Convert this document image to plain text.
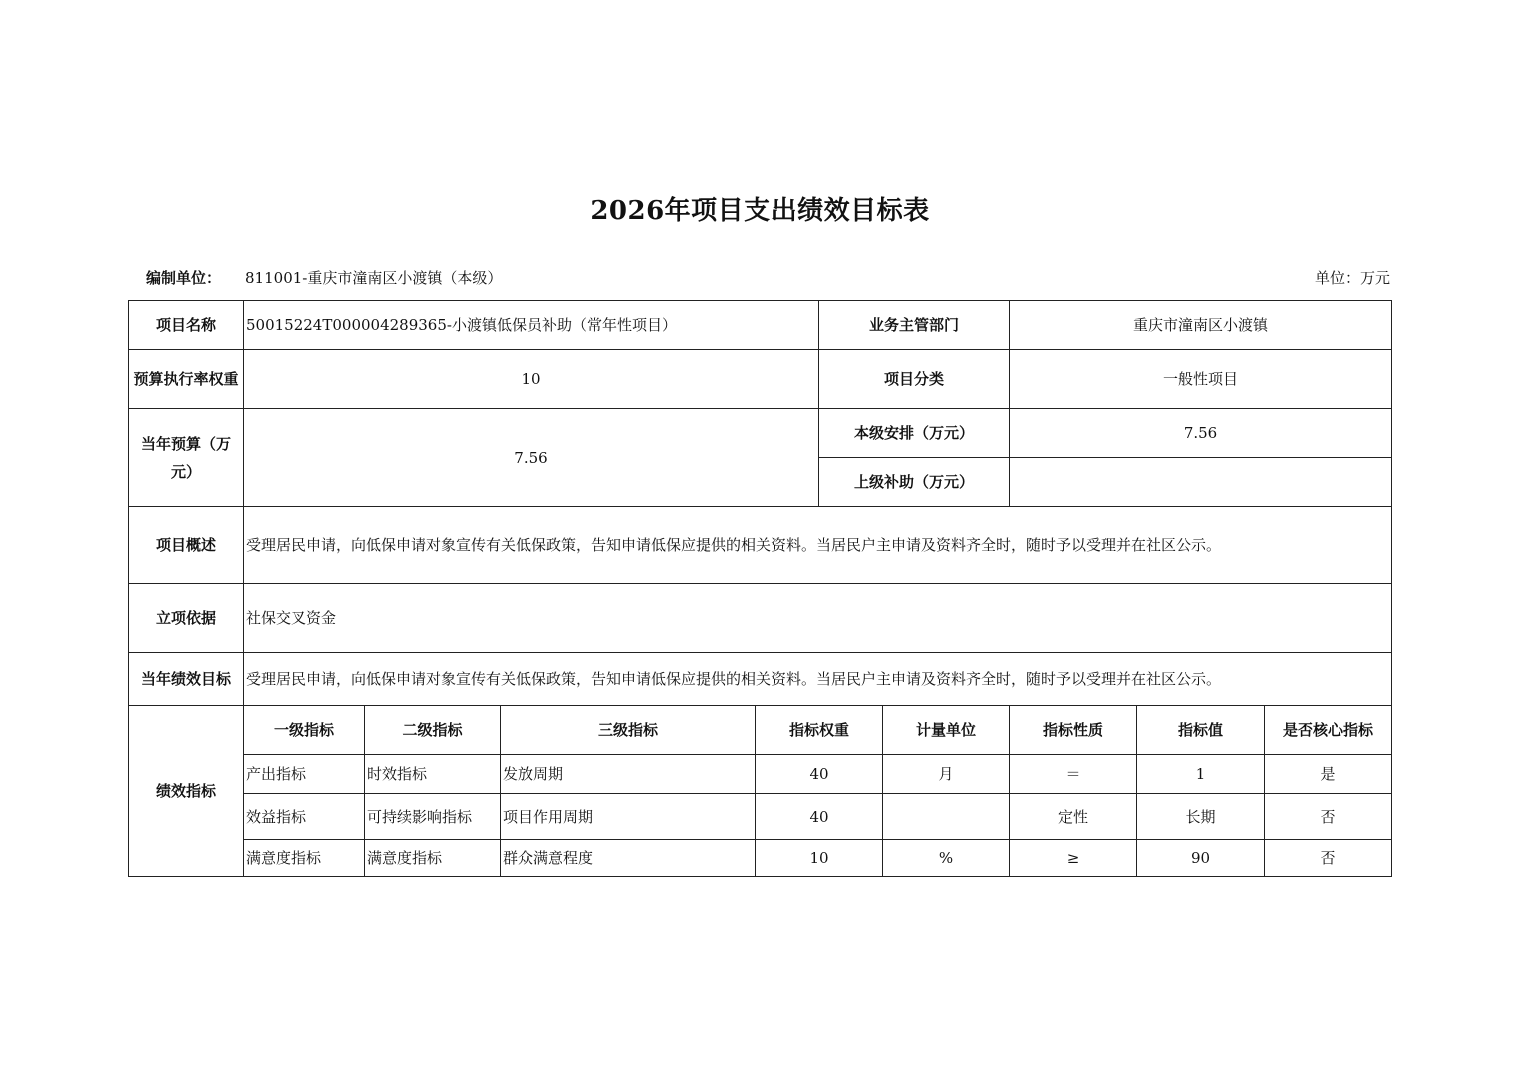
2026年项目支出绩效目标表
编制单位： 811001-重庆市潼南区小渡镇（本级）	单位：万元
项目名称	50015224T000004289365-小渡镇低保员补助（常年性项目）				业务主管部门		重庆市潼南区小渡镇		
预算执行率权重	10				项目分类		一般性项目		
当年预算（万元）	7.56				本级安排（万元）		7.56		
					上级补助（万元）				
项目概述	受理居民申请，向低保申请对象宣传有关低保政策，告知申请低保应提供的相关资料。当居民户主申请及资料齐全时，随时予以受理并在社区公示。								
立项依据	社保交叉资金								
当年绩效目标	受理居民申请，向低保申请对象宣传有关低保政策，告知申请低保应提供的相关资料。当居民户主申请及资料齐全时，随时予以受理并在社区公示。								
绩效指标	一级指标	二级指标	三级指标	指标权重		计量单位	指标性质	指标值	是否核心指标
	产出指标	时效指标	发放周期	40		月	＝	1	是
	效益指标	可持续影响指标	项目作用周期	40			定性	长期	否
	满意度指标	满意度指标	群众满意程度	10		%	≥	90	否
